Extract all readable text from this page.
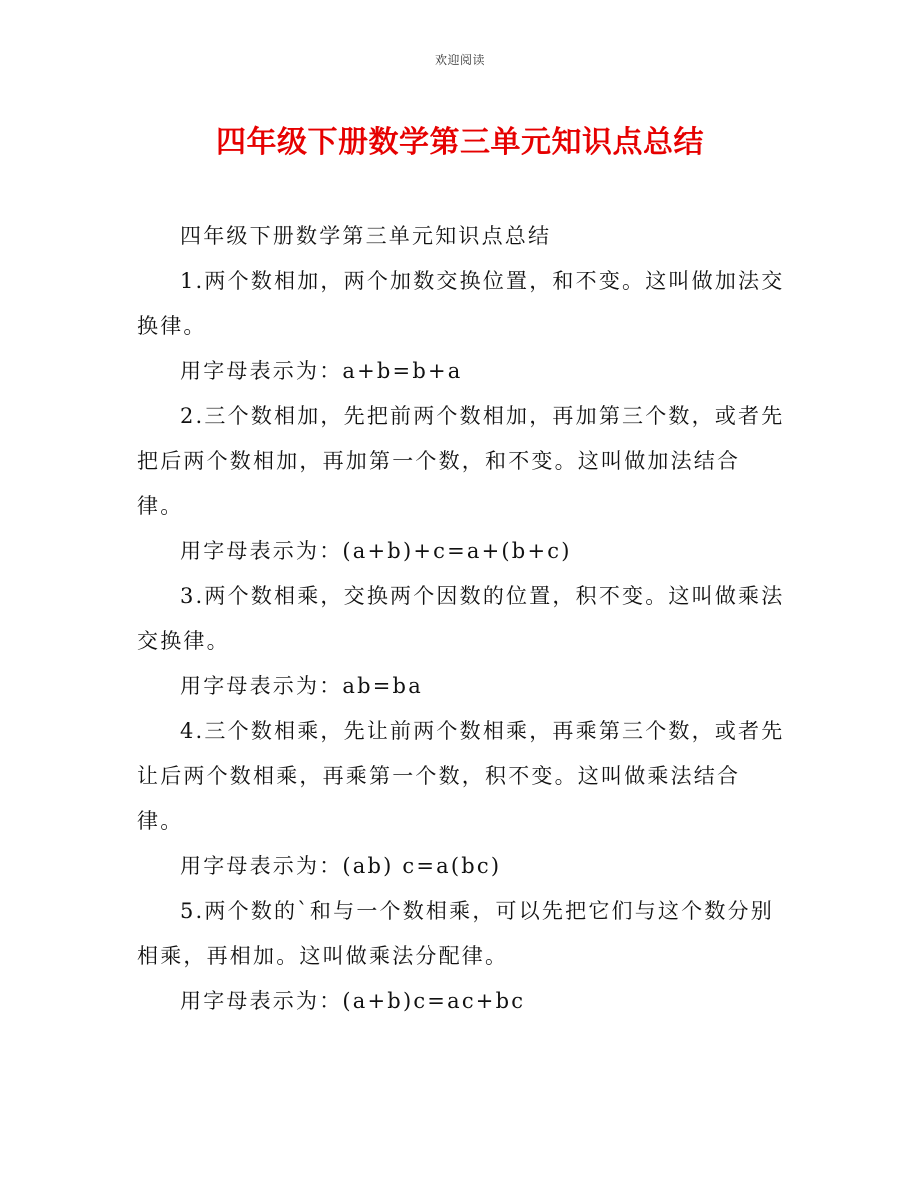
欢迎阅读
四年级下册数学第三单元知识点总结

四年级下册数学第三单元知识点总结

1.两个数相加，两个加数交换位置，和不变。这叫做加法交换律。

用字母表示为：a+b=b+a

2.三个数相加，先把前两个数相加，再加第三个数，或者先把后两个数相加，再加第一个数，和不变。这叫做加法结合律。

用字母表示为：(a+b)+c=a+(b+c)

3.两个数相乘，交换两个因数的位置，积不变。这叫做乘法交换律。

用字母表示为：ab=ba

4.三个数相乘，先让前两个数相乘，再乘第三个数，或者先让后两个数相乘，再乘第一个数，积不变。这叫做乘法结合律。

用字母表示为：(ab) c=a(bc)

5.两个数的`和与一个数相乘，可以先把它们与这个数分别相乘，再相加。这叫做乘法分配律。

用字母表示为：(a+b)c=ac+bc
